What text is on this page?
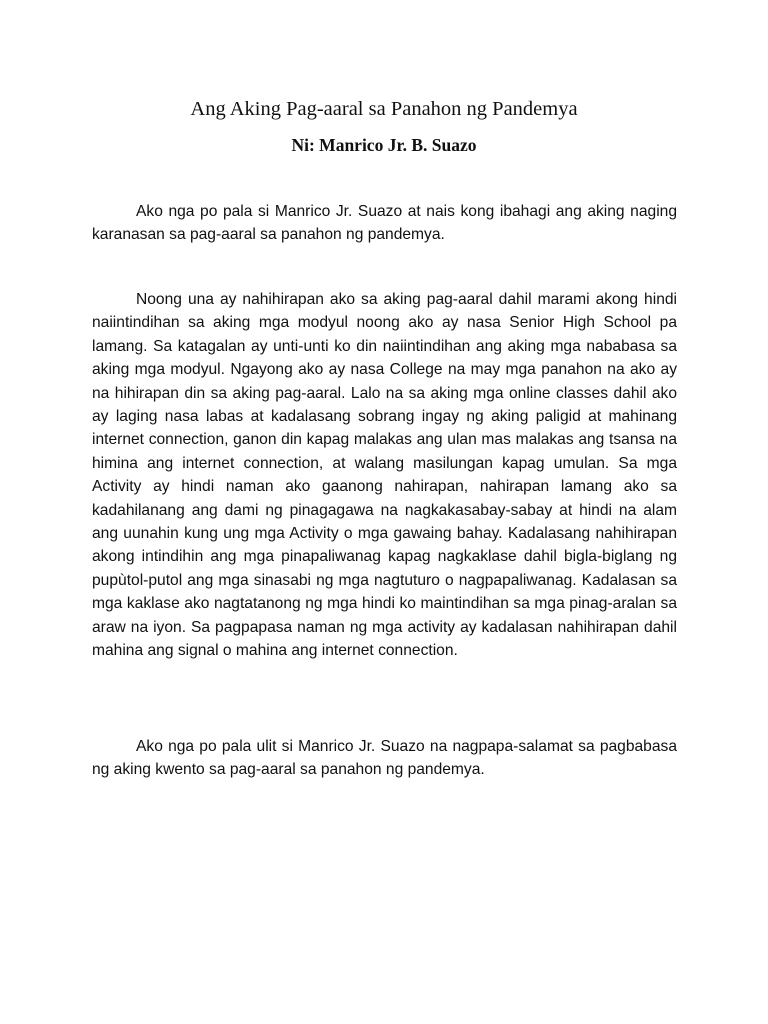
Ang Aking Pag-aaral sa Panahon ng Pandemya

Ni: Manrico Jr. B. Suazo

Ako nga po pala si Manrico Jr. Suazo at nais kong ibahagi ang aking naging karanasan sa pag-aaral sa panahon ng pandemya.

Noong una ay nahihirapan ako sa aking pag-aaral dahil marami akong hindi naiintindihan sa aking mga modyul noong ako ay nasa Senior High School pa lamang. Sa katagalan ay unti-unti ko din naiintindihan ang aking mga nababasa sa aking mga modyul. Ngayong ako ay nasa College na may mga panahon na ako ay na hihirapan din sa aking pag-aaral. Lalo na sa aking mga online classes dahil ako ay laging nasa labas at kadalasang sobrang ingay ng aking paligid at mahinang internet connection, ganon din kapag malakas ang ulan mas malakas ang tsansa na himina ang internet connection, at walang masilungan kapag umulan. Sa mga Activity ay hindi naman ako gaanong nahirapan, nahirapan lamang ako sa kadahilanang ang dami ng pinagagawa na nagkakasabay-sabay at hindi na alam ang uunahin kung ung mga Activity o mga gawaing bahay. Kadalasang nahihirapan akong intindihin ang mga pinapaliwanag kapag nagkaklase dahil bigla-biglang ng pupùtol-putol ang mga sinasabi ng mga nagtuturo o nagpapaliwanag. Kadalasan sa mga kaklase ako nagtatanong ng mga hindi ko maintindihan sa mga pinag-aralan sa araw na iyon. Sa pagpapasa naman ng mga activity ay kadalasan nahihirapan dahil mahina ang signal o mahina ang internet connection.

Ako nga po pala ulit si Manrico Jr. Suazo na nagpapa-salamat sa pagbabasa ng aking kwento sa pag-aaral sa panahon ng pandemya.
